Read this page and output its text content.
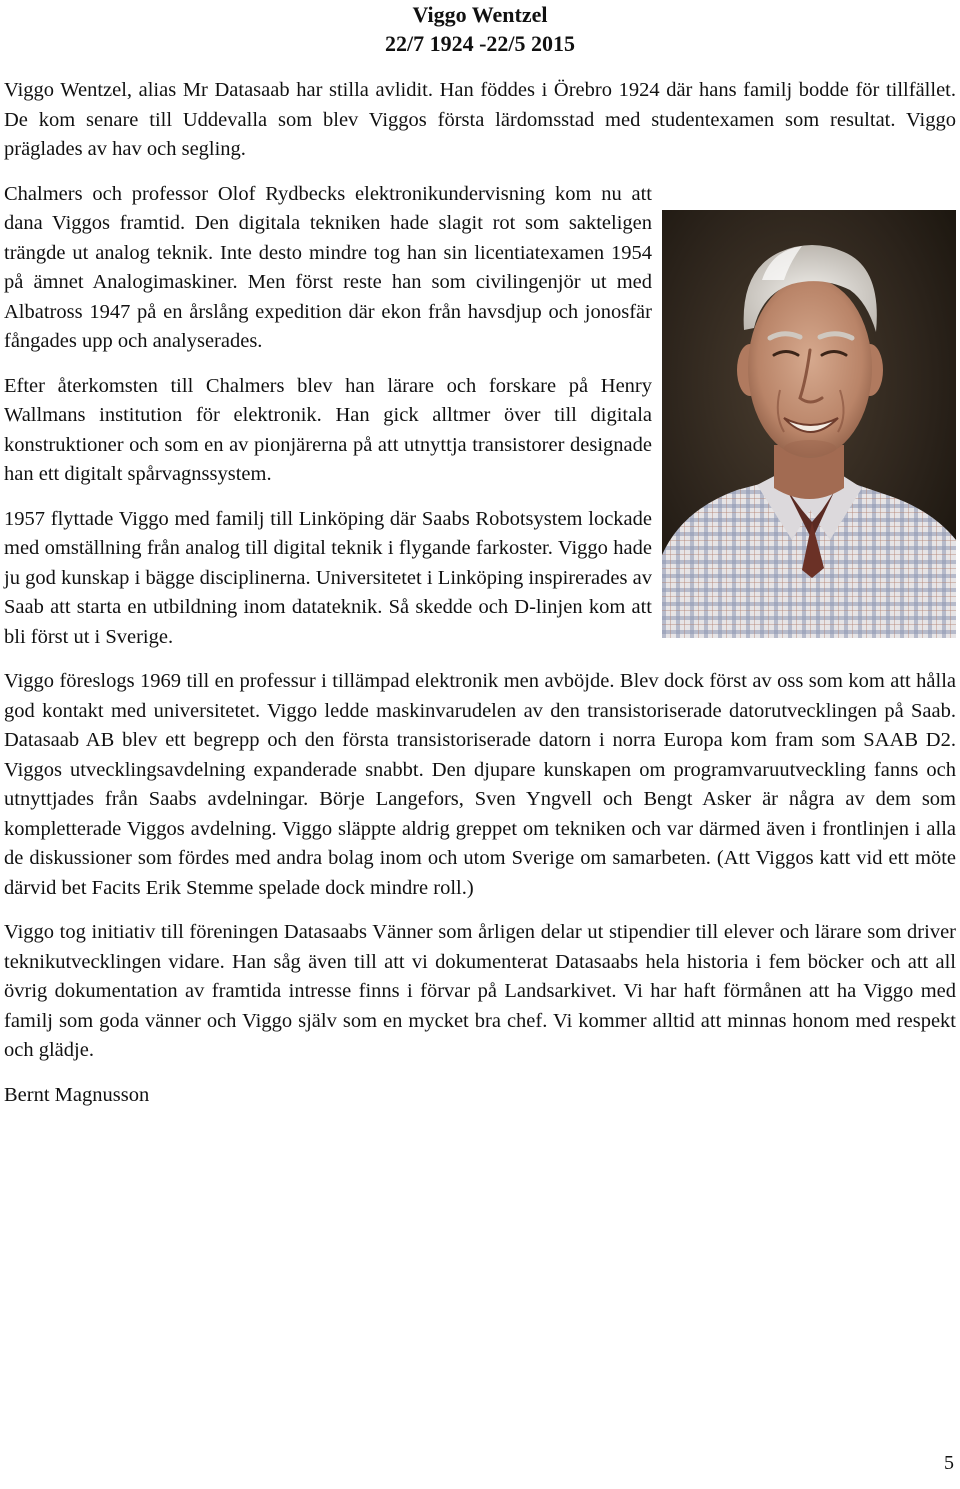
Viggo Wentzel
22/7 1924 -22/5 2015

Viggo Wentzel, alias Mr Datasaab har stilla avlidit. Han föddes i Örebro 1924 där hans familj bodde för tillfället. De kom senare till Uddevalla som blev Viggos första lärdomsstad med studentexamen som resultat. Viggo präglades av hav och segling.

Chalmers och professor Olof Rydbecks elektronikundervisning kom nu att dana Viggos framtid. Den digitala tekniken hade slagit rot som sakteligen trängde ut analog teknik. Inte desto mindre tog han sin licentiatexamen 1954 på ämnet Analogimaskiner. Men först reste han som civilingenjör ut med Albatross 1947 på en årslång expedition där ekon från havsdjup och jonosfär fångades upp och analyserades.

Efter återkomsten till Chalmers blev han lärare och forskare på Henry Wallmans institution för elektronik. Han gick alltmer över till digitala konstruktioner och som en av pionjärerna på att utnyttja transistorer designade han ett digitalt spårvagnssystem.

1957 flyttade Viggo med familj till Linköping där Saabs Robotsystem lockade med omställning från analog till digital teknik i flygande farkoster. Viggo hade ju god kunskap i bägge disciplinerna. Universitetet i Linköping inspirerades av Saab att starta en utbildning inom datateknik. Så skedde och D-linjen kom att bli först ut i Sverige.

Viggo föreslogs 1969 till en professur i tillämpad elektronik men avböjde. Blev dock först av oss som kom att hålla god kontakt med universitetet. Viggo ledde maskinvarudelen av den transistoriserade datorutvecklingen på Saab. Datasaab AB blev ett begrepp och den första transistoriserade datorn i norra Europa kom fram som SAAB D2. Viggos utvecklingsavdelning expanderade snabbt. Den djupare kunskapen om programvaruutveckling fanns och utnyttjades från Saabs avdelningar. Börje Langefors, Sven Yngvell och Bengt Asker är några av dem som kompletterade Viggos avdelning. Viggo släppte aldrig greppet om tekniken och var därmed även i frontlinjen i alla de diskussioner som fördes med andra bolag inom och utom Sverige om samarbeten. (Att Viggos katt vid ett möte därvid bet Facits Erik Stemme spelade dock mindre roll.)

Viggo tog initiativ till föreningen Datasaabs Vänner som årligen delar ut stipendier till elever och lärare som driver teknikutvecklingen vidare. Han såg även till att vi dokumenterat Datasaabs hela historia i fem böcker och att all övrig dokumentation av framtida intresse finns i förvar på Landsarkivet. Vi har haft förmånen att ha Viggo med familj som goda vänner och Viggo själv som en mycket bra chef. Vi kommer alltid att minnas honom med respekt och glädje.

Bernt Magnusson

5
